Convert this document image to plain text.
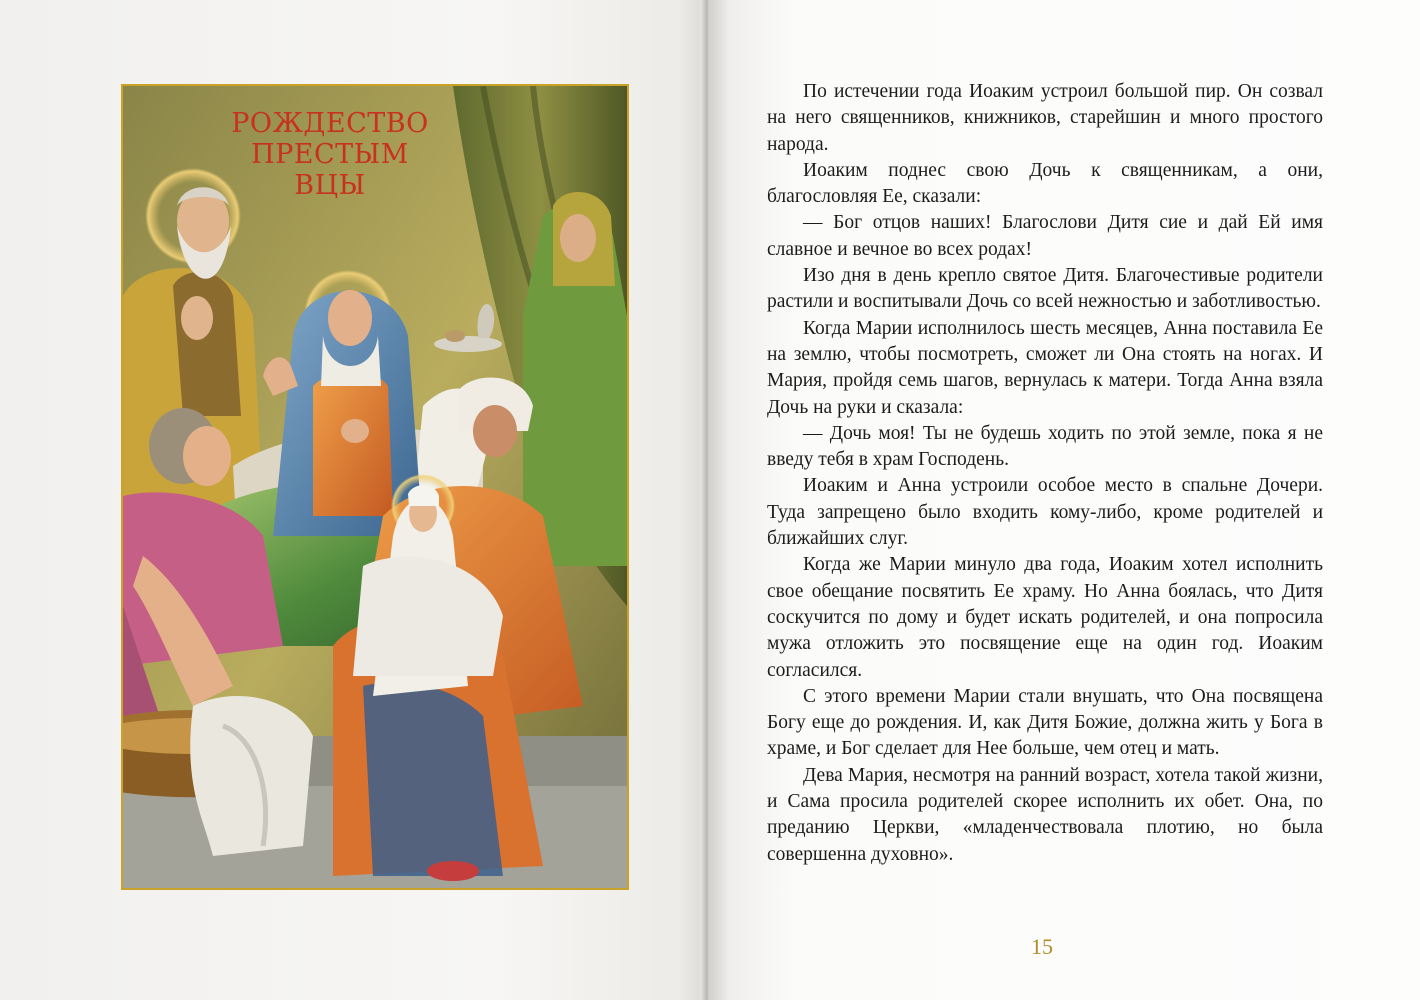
РОЖДЕСТВО
ПРЕСТЫМ
ВЦЫ

По истечении года Иоаким устроил большой пир. Он созвал на него священников, книжников, старейшин и много простого народа.

Иоаким поднес свою Дочь к священникам, а они, благословляя Ее, сказали:

— Бог отцов наших! Благослови Дитя сие и дай Ей имя славное и вечное во всех родах!

Изо дня в день крепло святое Дитя. Благочестивые родители растили и воспитывали Дочь со всей нежностью и заботливостью.

Когда Марии исполнилось шесть месяцев, Анна поставила Ее на землю, чтобы посмотреть, сможет ли Она стоять на ногах. И Мария, пройдя семь шагов, вернулась к матери. Тогда Анна взяла Дочь на руки и сказала:

— Дочь моя! Ты не будешь ходить по этой земле, пока я не введу тебя в храм Господень.

Иоаким и Анна устроили особое место в спальне Дочери. Туда запрещено было входить кому-либо, кроме родителей и ближайших слуг.

Когда же Марии минуло два года, Иоаким хотел исполнить свое обещание посвятить Ее храму. Но Анна боялась, что Дитя соскучится по дому и будет искать родителей, и она попросила мужа отложить это посвящение еще на один год. Иоаким согласился.

С этого времени Марии стали внушать, что Она посвящена Богу еще до рождения. И, как Дитя Божие, должна жить у Бога в храме, и Бог сделает для Нее больше, чем отец и мать.

Дева Мария, несмотря на ранний возраст, хотела такой жизни, и Сама просила родителей скорее исполнить их обет. Она, по преданию Церкви, «младенчествовала плотию, но была совершенна духовно».

15
